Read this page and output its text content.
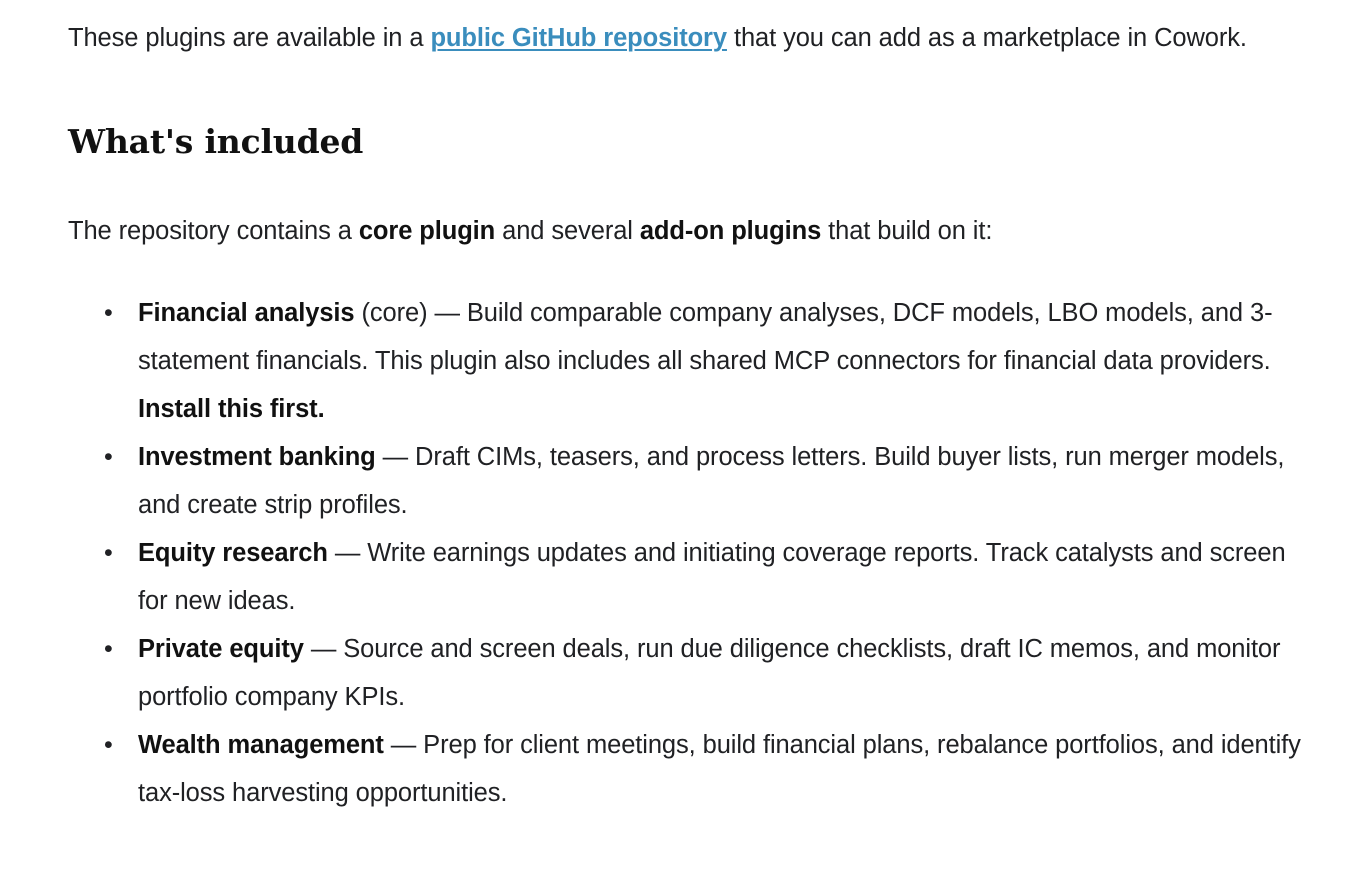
These plugins are available in a public GitHub repository that you can add as a marketplace in Cowork.

What's included

The repository contains a core plugin and several add-on plugins that build on it:

• Financial analysis (core) — Build comparable company analyses, DCF models, LBO models, and 3-statement financials. This plugin also includes all shared MCP connectors for financial data providers. Install this first.
• Investment banking — Draft CIMs, teasers, and process letters. Build buyer lists, run merger models, and create strip profiles.
• Equity research — Write earnings updates and initiating coverage reports. Track catalysts and screen for new ideas.
• Private equity — Source and screen deals, run due diligence checklists, draft IC memos, and monitor portfolio company KPIs.
• Wealth management — Prep for client meetings, build financial plans, rebalance portfolios, and identify tax-loss harvesting opportunities.
